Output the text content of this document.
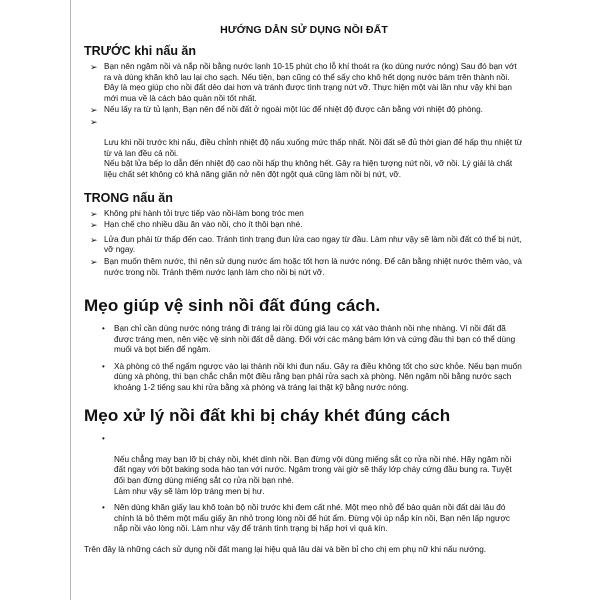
HƯỚNG DẪN SỬ DỤNG NỒI ĐẤT
TRƯỚC khi nấu ăn
➢ Bạn nên ngâm nồi và nắp nồi bằng nước lạnh 10-15 phút cho lỗ khí thoát ra (ko dùng nước nóng) Sau đó bạn vớt ra và dùng khăn khô lau lại cho sạch. Nếu tiện, bạn cũng có thể sấy cho khô hết dọng nước bám trên thành nồi. Đây là mẹo giúp cho nồi đất dẻo dai hơn và tránh được tình trạng nứt vỡ. Thực hiện một vài lần như vậy khi bạn mới mua về là cách bảo quản nồi tốt nhất.
➢ Nếu lấy ra từ tủ lạnh, Bạn nên để nồi đất ở ngoài một lúc để nhiệt độ được cân bằng với nhiệt độ phòng.

➢

Lưu khi nồi trước khi nấu, điều chỉnh nhiệt độ nấu xuống mức thấp nhất. Nồi đất sẽ đủ thời gian để hấp thụ nhiệt từ từ và lan đều cả nồi.
Nếu bật lửa bếp lo dẫn đến nhiệt độ cao nồi hấp thụ không hết. Gây ra hiện tượng nứt nồi, vỡ nồi. Lý giải là chất liệu chất sét không có khả năng giãn nở nên đột ngột quá cũng làm nồi bị nứt, vỡ.

TRONG nấu ăn
➢ Không phi hành tỏi trực tiếp vào nồi-làm bong tróc men
➢ Hạn chế cho nhiều dầu ăn vào nồi, cho ít thôi bạn nhé.
➢ Lửa đun phải từ thấp đến cao. Tránh tình trạng đun lửa cao ngay từ đầu. Làm như vậy sẽ làm nồi đất có thể bị nứt, vỡ ngay.
➢ Bạn muốn thêm nước, thì nên sử dụng nước ấm hoặc tốt hơn là nước nóng. Để cân bằng nhiệt nước thêm vào, và nước trong nồi. Tránh thêm nước lạnh làm cho nồi bị nứt vỡ.
Mẹo giúp vệ sinh nồi đất đúng cách.
•	Bạn chỉ cần dùng nước nóng tráng đi tráng lại rồi dùng giá lau cọ xát vào thành nồi nhẹ nhàng. Vì nồi đất đã được tráng men, nên việc vệ sinh nồi đất dễ dàng. Đối với các mảng bám lớn và cứng đầu thì bạn có thể dùng muối và bọt biển để ngâm.
•	Xà phòng có thể ngấm ngược vào lại thành nồi khi đun nấu. Gây ra điều không tốt cho sức khỏe. Nếu bạn muốn dùng xà phòng, thì bạn chắc chắn một điều rằng bạn phải rửa sạch xà phòng. Nên ngâm nồi bằng nước sạch khoảng 1-2 tiếng sau khi rửa bằng xà phòng và tráng lại thật kỹ bằng nước nóng.
Mẹo xử lý nồi đất khi bị cháy khét đúng cách

•

Nếu chẳng may bạn lỡ bị cháy nồi, khét dính nồi. Bạn đừng vội dùng miếng sắt cọ rửa nồi nhé. Hãy ngâm nồi đất ngay với bột baking soda hào tan với nước. Ngâm trong vài giờ sẽ thấy lớp cháy cứng đầu bung ra. Tuyệt đối bạn đừng dùng miếng sắt cọ rửa nồi bạn nhé.
Làm như vậy sẽ làm lớp tráng men bị hư.

•	Nên dùng khăn giấy lau khô toàn bộ nồi trước khi đem cất nhé. Một mẹo nhỏ để bảo quản nồi đất dài lâu đó chính là bỏ thêm một mẩu giấy ăn nhỏ trong lòng nồi để hút ẩm. Đừng vội úp nắp kín nồi, Bạn nên lấp ngược nắp nồi vào lòng nồi. Làm như vậy để tránh tình trạng bị hấp hơi vì quá kín.
Trên đây là những cách sử dụng nồi đất mang lại hiệu quả lâu dài và bền bỉ cho chị em phụ nữ khi nấu nướng.
